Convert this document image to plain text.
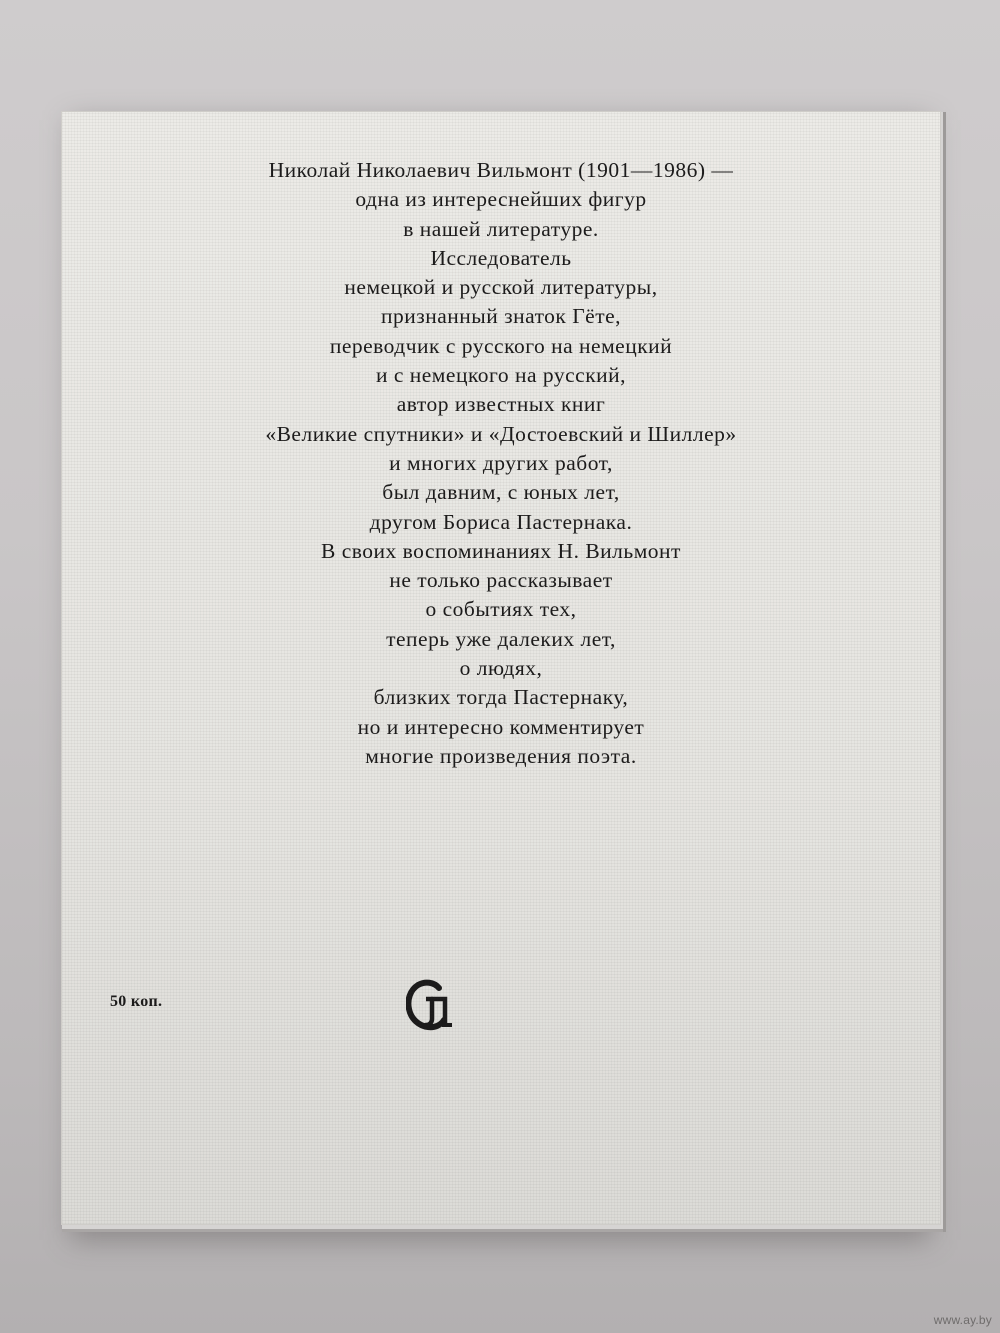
Николай Николаевич Вильмонт (1901—1986) —
одна из интереснейших фигур
в нашей литературе.
Исследователь
немецкой и русской литературы,
признанный знаток Гёте,
переводчик с русского на немецкий
и с немецкого на русский,
автор известных книг
«Великие спутники» и «Достоевский и Шиллер»
и многих других работ,
был давним, с юных лет,
другом Бориса Пастернака.
В своих воспоминаниях Н. Вильмонт
не только рассказывает
о событиях тех,
теперь уже далеких лет,
о людях,
близких тогда Пастернаку,
но и интересно комментирует
многие произведения поэта.
50 коп.
www.ay.by
